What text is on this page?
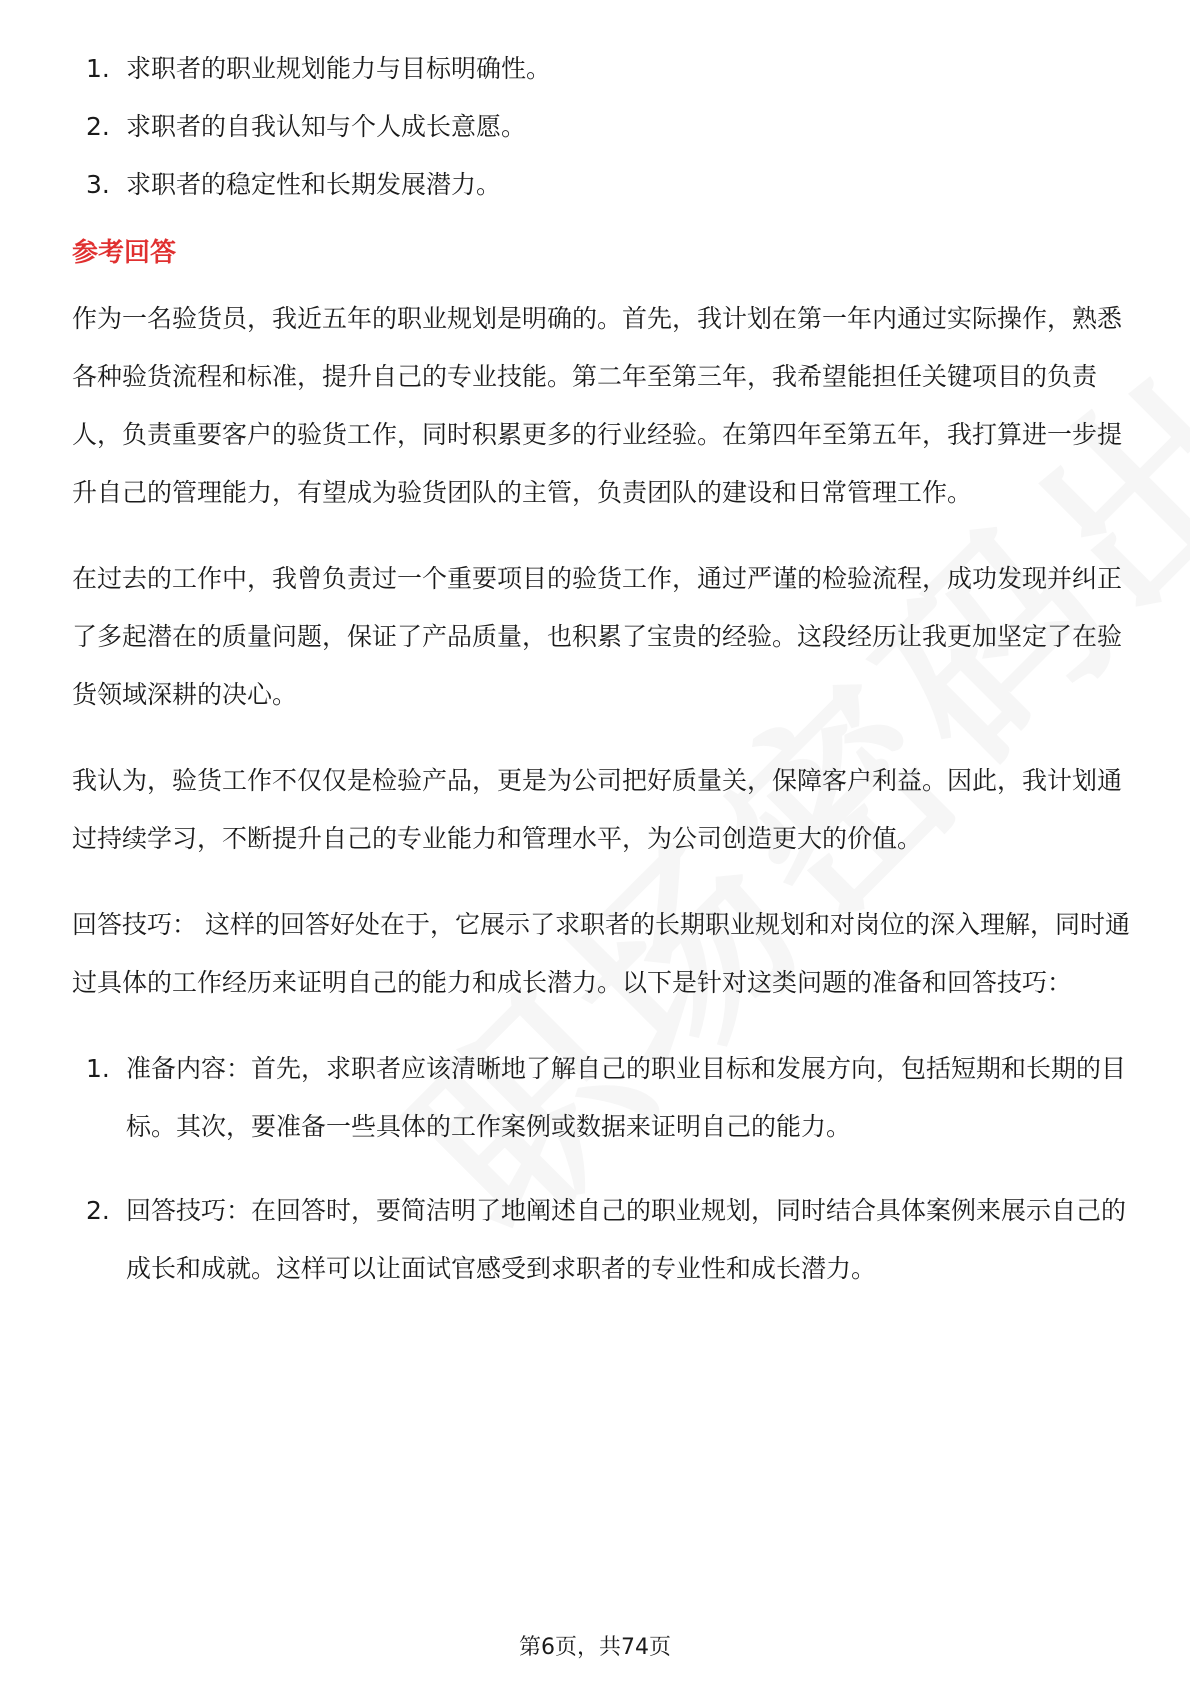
1. 求职者的职业规划能力与目标明确性。
2. 求职者的自我认知与个人成长意愿。
3. 求职者的稳定性和长期发展潜力。
参考回答

作为一名验货员，我近五年的职业规划是明确的。首先，我计划在第一年内通过实际操作，熟悉各种验货流程和标准，提升自己的专业技能。第二年至第三年，我希望能担任关键项目的负责人，负责重要客户的验货工作，同时积累更多的行业经验。在第四年至第五年，我打算进一步提升自己的管理能力，有望成为验货团队的主管，负责团队的建设和日常管理工作。

在过去的工作中，我曾负责过一个重要项目的验货工作，通过严谨的检验流程，成功发现并纠正了多起潜在的质量问题，保证了产品质量，也积累了宝贵的经验。这段经历让我更加坚定了在验货领域深耕的决心。

我认为，验货工作不仅仅是检验产品，更是为公司把好质量关，保障客户利益。因此，我计划通过持续学习，不断提升自己的专业能力和管理水平，为公司创造更大的价值。

回答技巧： 这样的回答好处在于，它展示了求职者的长期职业规划和对岗位的深入理解，同时通过具体的工作经历来证明自己的能力和成长潜力。以下是针对这类问题的准备和回答技巧：

1. 准备内容：首先，求职者应该清晰地了解自己的职业目标和发展方向，包括短期和长期的目标。其次，要准备一些具体的工作案例或数据来证明自己的能力。
2. 回答技巧：在回答时，要简洁明了地阐述自己的职业规划，同时结合具体案例来展示自己的成长和成就。这样可以让面试官感受到求职者的专业性和成长潜力。
第6页，共74页
